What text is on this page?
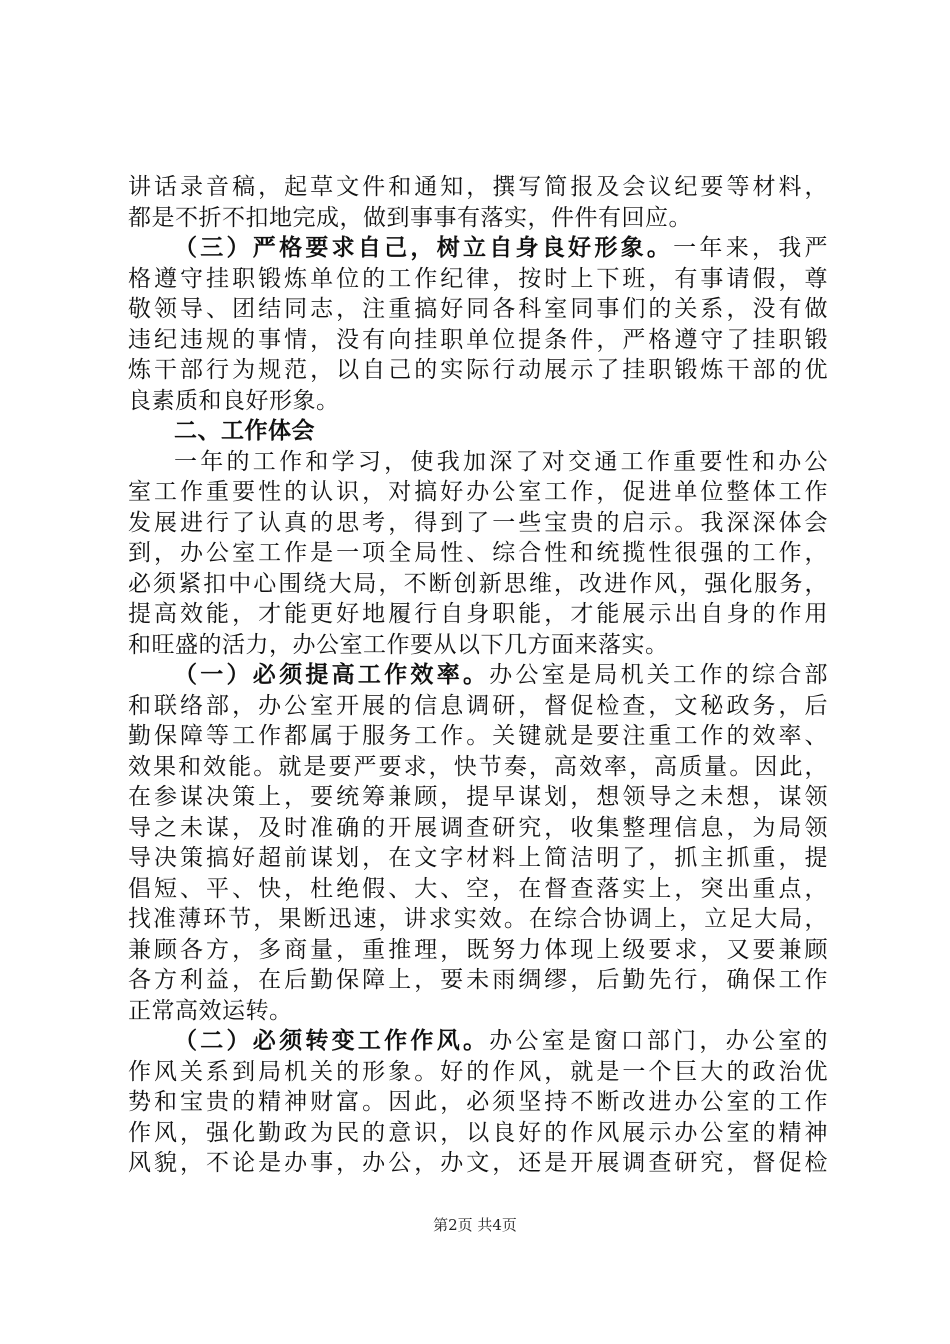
讲话录音稿，起草文件和通知，撰写简报及会议纪要等材料，
都是不折不扣地完成，做到事事有落实，件件有回应。
（三）严格要求自己，树立自身良好形象。一年来，我严
格遵守挂职锻炼单位的工作纪律，按时上下班，有事请假，尊
敬领导、团结同志，注重搞好同各科室同事们的关系，没有做
违纪违规的事情，没有向挂职单位提条件，严格遵守了挂职锻
炼干部行为规范，以自己的实际行动展示了挂职锻炼干部的优
良素质和良好形象。
二、工作体会
一年的工作和学习，使我加深了对交通工作重要性和办公
室工作重要性的认识，对搞好办公室工作，促进单位整体工作
发展进行了认真的思考，得到了一些宝贵的启示。我深深体会
到，办公室工作是一项全局性、综合性和统揽性很强的工作，
必须紧扣中心围绕大局，不断创新思维，改进作风，强化服务，
提高效能，才能更好地履行自身职能，才能展示出自身的作用
和旺盛的活力，办公室工作要从以下几方面来落实。
（一）必须提高工作效率。办公室是局机关工作的综合部
和联络部，办公室开展的信息调研，督促检查，文秘政务，后
勤保障等工作都属于服务工作。关键就是要注重工作的效率、
效果和效能。就是要严要求，快节奏，高效率，高质量。因此，
在参谋决策上，要统筹兼顾，提早谋划，想领导之未想，谋领
导之未谋，及时准确的开展调查研究，收集整理信息，为局领
导决策搞好超前谋划，在文字材料上简洁明了，抓主抓重，提
倡短、平、快，杜绝假、大、空，在督查落实上，突出重点，
找准薄环节，果断迅速，讲求实效。在综合协调上，立足大局，
兼顾各方，多商量，重推理，既努力体现上级要求，又要兼顾
各方利益，在后勤保障上，要未雨绸缪，后勤先行，确保工作
正常高效运转。
（二）必须转变工作作风。办公室是窗口部门，办公室的
作风关系到局机关的形象。好的作风，就是一个巨大的政治优
势和宝贵的精神财富。因此，必须坚持不断改进办公室的工作
作风，强化勤政为民的意识，以良好的作风展示办公室的精神
风貌，不论是办事，办公，办文，还是开展调查研究，督促检
第2页 共4页
